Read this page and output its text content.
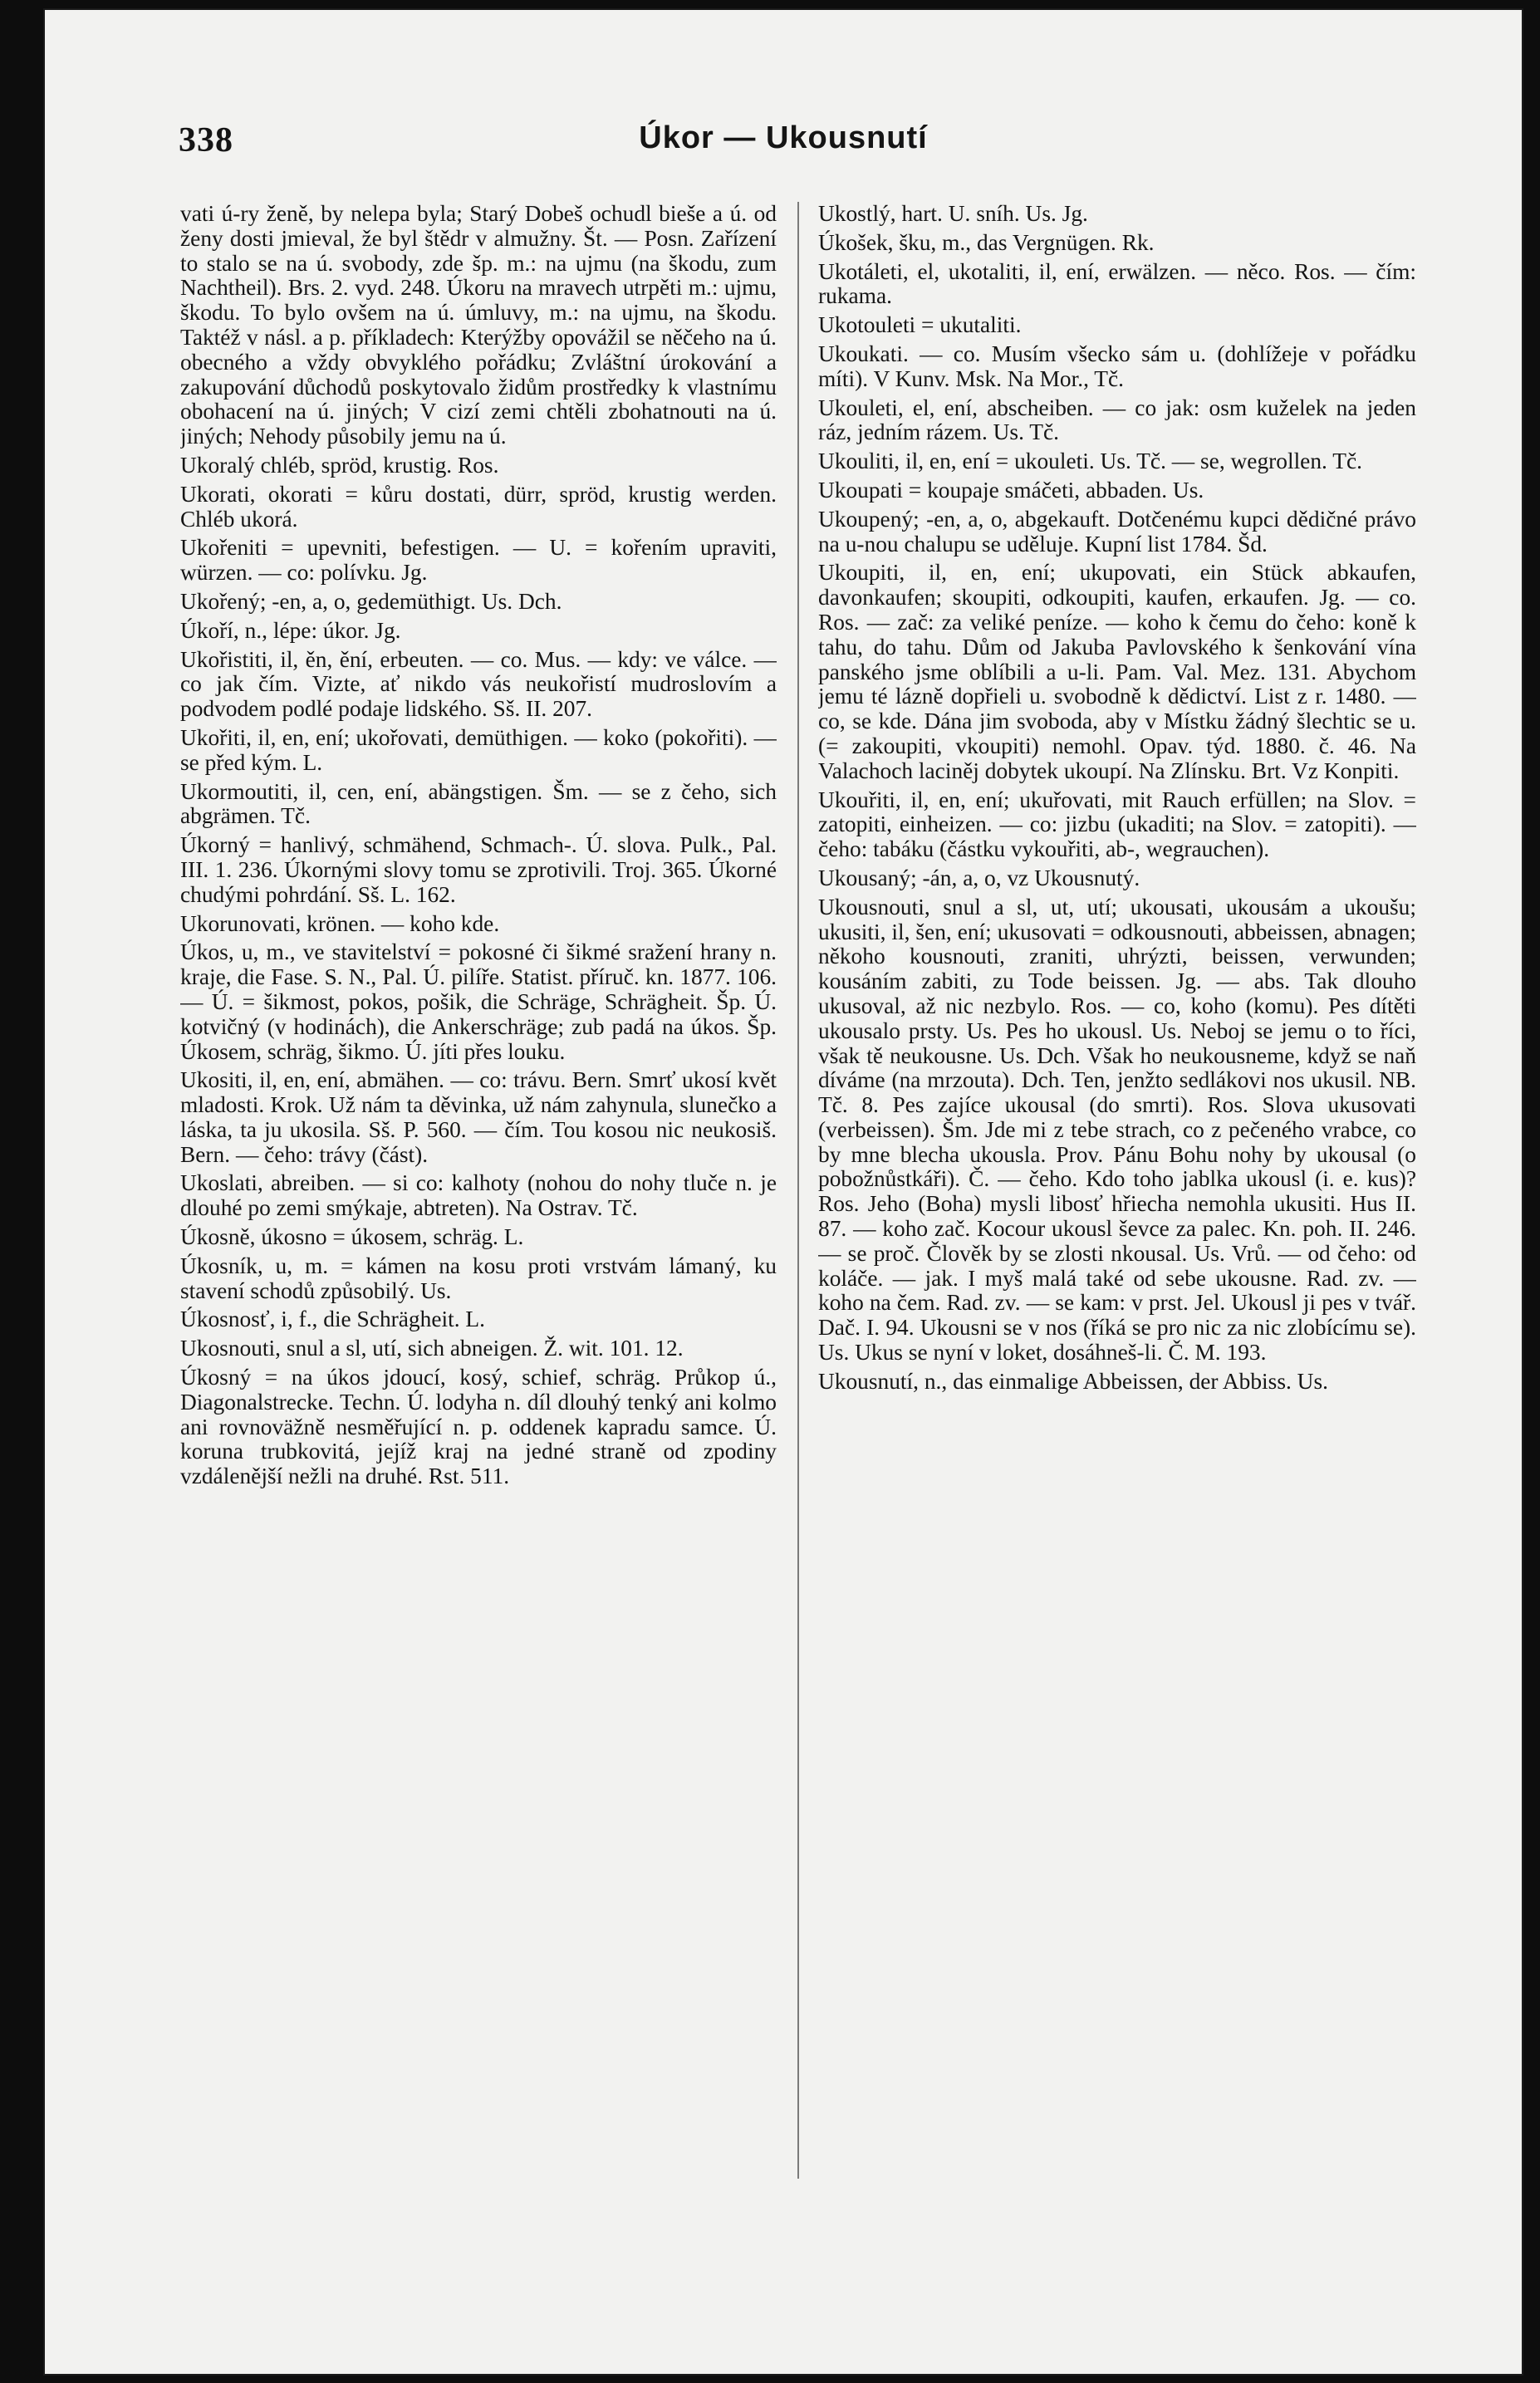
338	Úkor — Ukousnutí

vati ú-ry ženě, by nelepa byla; Starý Dobeš ochudl bieše a ú. od ženy dosti jmieval, že byl štědr v almužny. Št. — Posn. Zařízení to stalo se na ú. svobody, zde šp. m.: na ujmu (na škodu, zum Nachtheil). Brs. 2. vyd. 248. Úkoru na mravech utrpěti m.: ujmu, škodu. To bylo ovšem na ú. úmluvy, m.: na ujmu, na škodu. Taktéž v násl. a p. příkladech: Kterýžby opovážil se něčeho na ú. obecného a vždy obvyklého pořádku; Zvláštní úrokování a zakupování důchodů poskytovalo židům prostředky k vlastnímu obohacení na ú. jiných; V cizí zemi chtěli zbohatnouti na ú. jiných; Nehody působily jemu na ú.

Ukoralý chléb, spröd, krustig. Ros.

Ukorati, okorati = kůru dostati, dürr, spröd, krustig werden. Chléb ukorá.

Ukořeniti = upevniti, befestigen. — U. = kořením upraviti, würzen. — co: polívku. Jg.

Ukořený; -en, a, o, gedemüthigt. Us. Dch.

Úkoří, n., lépe: úkor. Jg.

Ukořistiti, il, ěn, ění, erbeuten. — co. Mus. — kdy: ve válce. — co jak čím. Vizte, ať nikdo vás neukořistí mudroslovím a podvodem podlé podaje lidského. Sš. II. 207.

Ukořiti, il, en, ení; ukořovati, demüthigen. — koko (pokořiti). — se před kým. L.

Ukormoutiti, il, cen, ení, abängstigen. Šm. — se z čeho, sich abgrämen. Tč.

Úkorný = hanlivý, schmähend, Schmach-. Ú. slova. Pulk., Pal. III. 1. 236. Úkornými slovy tomu se zprotivili. Troj. 365. Úkorné chudými pohrdání. Sš. L. 162.

Ukorunovati, krönen. — koho kde.

Úkos, u, m., ve stavitelství = pokosné či šikmé sražení hrany n. kraje, die Fase. S. N., Pal. Ú. pilíře. Statist. příruč. kn. 1877. 106. — Ú. = šikmost, pokos, pošik, die Schräge, Schrägheit. Šp. Ú. kotvičný (v hodinách), die Ankerschräge; zub padá na úkos. Šp. Úkosem, schräg, šikmo. Ú. jíti přes louku.

Ukositi, il, en, ení, abmähen. — co: trávu. Bern. Smrť ukosí květ mladosti. Krok. Už nám ta děvinka, už nám zahynula, slunečko a láska, ta ju ukosila. Sš. P. 560. — čím. Tou kosou nic neukosiš. Bern. — čeho: trávy (část).

Ukoslati, abreiben. — si co: kalhoty (nohou do nohy tluče n. je dlouhé po zemi smýkaje, abtreten). Na Ostrav. Tč.

Úkosně, úkosno = úkosem, schräg. L.

Úkosník, u, m. = kámen na kosu proti vrstvám lámaný, ku stavení schodů způsobilý. Us.

Úkosnosť, i, f., die Schrägheit. L.

Ukosnouti, snul a sl, utí, sich abneigen. Ž. wit. 101. 12.

Úkosný = na úkos jdoucí, kosý, schief, schräg. Průkop ú., Diagonalstrecke. Techn. Ú. lodyha n. díl dlouhý tenký ani kolmo ani rovnoväžně nesměřující n. p. oddenek kapradu samce. Ú. koruna trubkovitá, jejíž kraj na jedné straně od zpodiny vzdálenější nežli na druhé. Rst. 511.

Ukostlý, hart. U. sníh. Us. Jg.

Úkošek, šku, m., das Vergnügen. Rk.

Ukotáleti, el, ukotaliti, il, ení, erwälzen. — něco. Ros. — čím: rukama.

Ukotouleti = ukutaliti.

Ukoukati. — co. Musím všecko sám u. (dohlížeje v pořádku míti). V Kunv. Msk. Na Mor., Tč.

Ukouleti, el, ení, abscheiben. — co jak: osm kuželek na jeden ráz, jedním rázem. Us. Tč.

Ukouliti, il, en, ení = ukouleti. Us. Tč. — se, wegrollen. Tč.

Ukoupati = koupaje smáčeti, abbaden. Us.

Ukoupený; -en, a, o, abgekauft. Dotčenému kupci dědičné právo na u-nou chalupu se uděluje. Kupní list 1784. Šd.

Ukoupiti, il, en, ení; ukupovati, ein Stück abkaufen, davonkaufen; skoupiti, odkoupiti, kaufen, erkaufen. Jg. — co. Ros. — zač: za veliké peníze. — koho k čemu do čeho: koně k tahu, do tahu. Dům od Jakuba Pavlovského k šenkování vína panského jsme oblíbili a u-li. Pam. Val. Mez. 131. Abychom jemu té lázně dopřieli u. svobodně k dědictví. List z r. 1480. — co, se kde. Dána jim svoboda, aby v Místku žádný šlechtic se u. (= zakoupiti, vkoupiti) nemohl. Opav. týd. 1880. č. 46. Na Valachoch laciněj dobytek ukoupí. Na Zlínsku. Brt. Vz Konpiti.

Ukouřiti, il, en, ení; ukuřovati, mit Rauch erfüllen; na Slov. = zatopiti, einheizen. — co: jizbu (ukaditi; na Slov. = zatopiti). — čeho: tabáku (částku vykouřiti, ab-, wegrauchen).

Ukousaný; -án, a, o, vz Ukousnutý.

Ukousnouti, snul a sl, ut, utí; ukousati, ukousám a ukoušu; ukusiti, il, šen, ení; ukusovati = odkousnouti, abbeissen, abnagen; někoho kousnouti, zraniti, uhrýzti, beissen, verwunden; kousáním zabiti, zu Tode beissen. Jg. — abs. Tak dlouho ukusoval, až nic nezbylo. Ros. — co, koho (komu). Pes dítěti ukousalo prsty. Us. Pes ho ukousl. Us. Neboj se jemu o to říci, však tě neukousne. Us. Dch. Však ho neukousneme, když se naň díváme (na mrzouta). Dch. Ten, jenžto sedlákovi nos ukusil. NB. Tč. 8. Pes zajíce ukousal (do smrti). Ros. Slova ukusovati (verbeissen). Šm. Jde mi z tebe strach, co z pečeného vrabce, co by mne blecha ukousla. Prov. Pánu Bohu nohy by ukousal (o pobožnůstkáři). Č. — čeho. Kdo toho jablka ukousl (i. e. kus)? Ros. Jeho (Boha) mysli libosť hřiecha nemohla ukusiti. Hus II. 87. — koho zač. Kocour ukousl ševce za palec. Kn. poh. II. 246. — se proč. Člověk by se zlosti nkousal. Us. Vrů. — od čeho: od koláče. — jak. I myš malá také od sebe ukousne. Rad. zv. — koho na čem. Rad. zv. — se kam: v prst. Jel. Ukousl ji pes v tvář. Dač. I. 94. Ukousni se v nos (říká se pro nic za nic zlobícímu se). Us. Ukus se nyní v loket, dosáhneš-li. Č. M. 193.

Ukousnutí, n., das einmalige Abbeissen, der Abbiss. Us.
